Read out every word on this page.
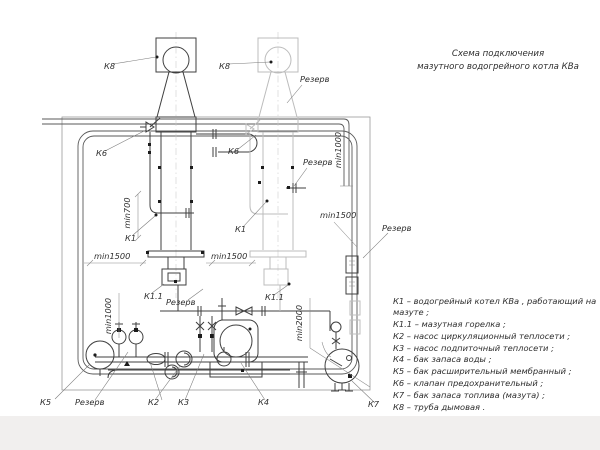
К8	К8
Резерв
К6	К6
Резерв min1000
min700
К1
К1
min1500	min1500
min1500
Резерв
К1.1
Резерв	К1.1
min1000	min2000
К5	Резерв	К2 К3	К4	К7
Схема подключения
мазутного водогрейного котла КВа
К1 – водогрейный котел КВа , работающий на мазуте ;
К1.1 – мазутная горелка ;
К2 – насос циркуляционный теплосети ;
К3 – насос подпиточный теплосети ;
К4 – бак запаса воды ;
К5 – бак расширительный мембранный ;
К6 – клапан предохранительный ;
К7 – бак запаса топлива (мазута) ;
К8 – труба дымовая .
